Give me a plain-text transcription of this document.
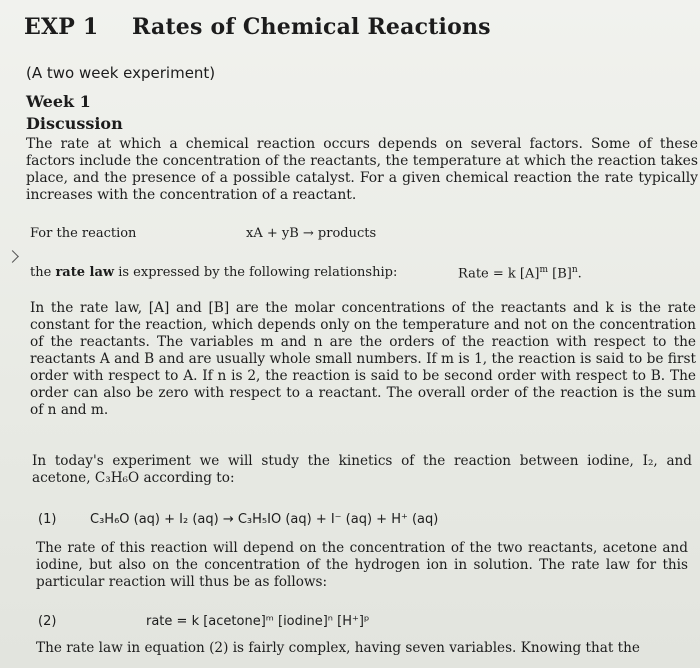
EXP 1 Rates of Chemical Reactions
(A two week experiment)
Week 1
Discussion
The rate at which a chemical reaction occurs depends on several factors. Some of these factors include the concentration of the reactants, the temperature at which the reaction takes place, and the presence of a possible catalyst. For a given chemical reaction the rate typically increases with the concentration of a reactant.
For the reaction	xA + yB → products
the rate law is expressed by the following relationship:	Rate = k $[A]^m$ $[B]^n$.
In the rate law, [A] and [B] are the molar concentrations of the reactants and k is the rate constant for the reaction, which depends only on the temperature and not on the concentration of the reactants. The variables m and n are the orders of the reaction with respect to the reactants A and B and are usually whole small numbers. If m is 1, the reaction is said to be first order with respect to A. If n is 2, the reaction is said to be second order with respect to B. The order can also be zero with respect to a reactant. The overall order of the reaction is the sum of n and m.
In today's experiment we will study the kinetics of the reaction between iodine, I₂, and acetone, C₃H₆O according to:
(1)	C₃H₆O (aq) + I₂ (aq) → C₃H₅IO (aq) + I⁻ (aq) + H⁺ (aq)
The rate of this reaction will depend on the concentration of the two reactants, acetone and iodine, but also on the concentration of the hydrogen ion in solution. The rate law for this particular reaction will thus be as follows:
(2)	rate = k [acetone]ᵐ [iodine]ⁿ [H⁺]ᵖ
The rate law in equation (2) is fairly complex, having seven variables. Knowing that the
